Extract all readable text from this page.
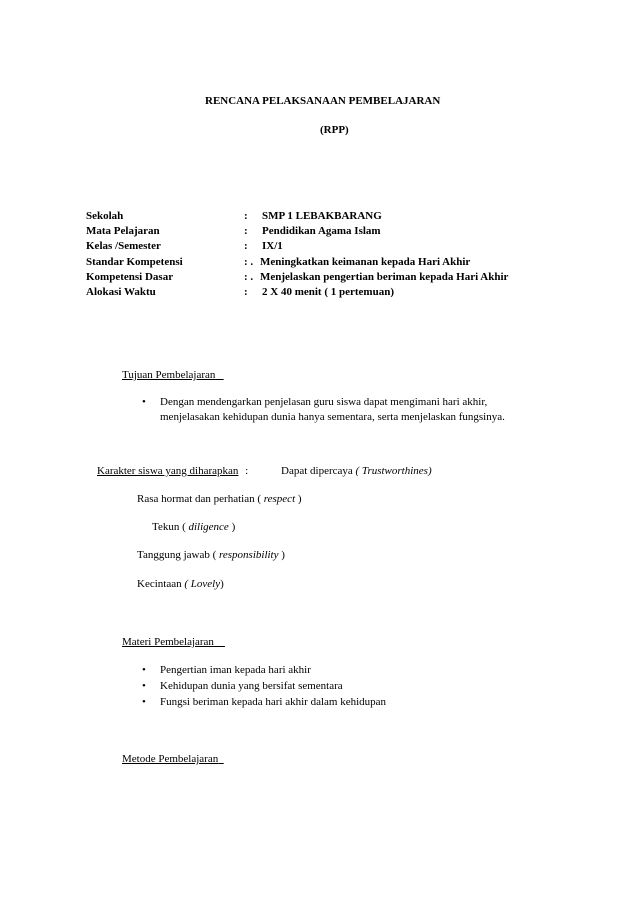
RENCANA PELAKSANAAN PEMBELAJARAN
(RPP)
Sekolah	: SMP 1 LEBAKBARANG
Mata Pelajaran	: Pendidikan Agama Islam
Kelas /Semester	: IX/1
Standar Kompetensi	: . Meningkatkan keimanan kepada Hari Akhir
Kompetensi Dasar	: . Menjelaskan pengertian beriman kepada Hari Akhir
Alokasi Waktu	: 2 X 40 menit ( 1 pertemuan)
Tujuan Pembelajaran
• Dengan mendengarkan penjelasan guru siswa dapat mengimani hari akhir,
menjelasakan kehidupan dunia hanya sementara, serta menjelaskan fungsinya.
Karakter siswa yang diharapkan :	Dapat dipercaya ( Trustworthines)
Rasa hormat dan perhatian ( respect )
Tekun ( diligence )
Tanggung jawab ( responsibility )
Kecintaan ( Lovely)
Materi Pembelajaran
• Pengertian iman kepada hari akhir
• Kehidupan dunia yang bersifat sementara
• Fungsi beriman kepada hari akhir dalam kehidupan
Metode Pembelajaran
